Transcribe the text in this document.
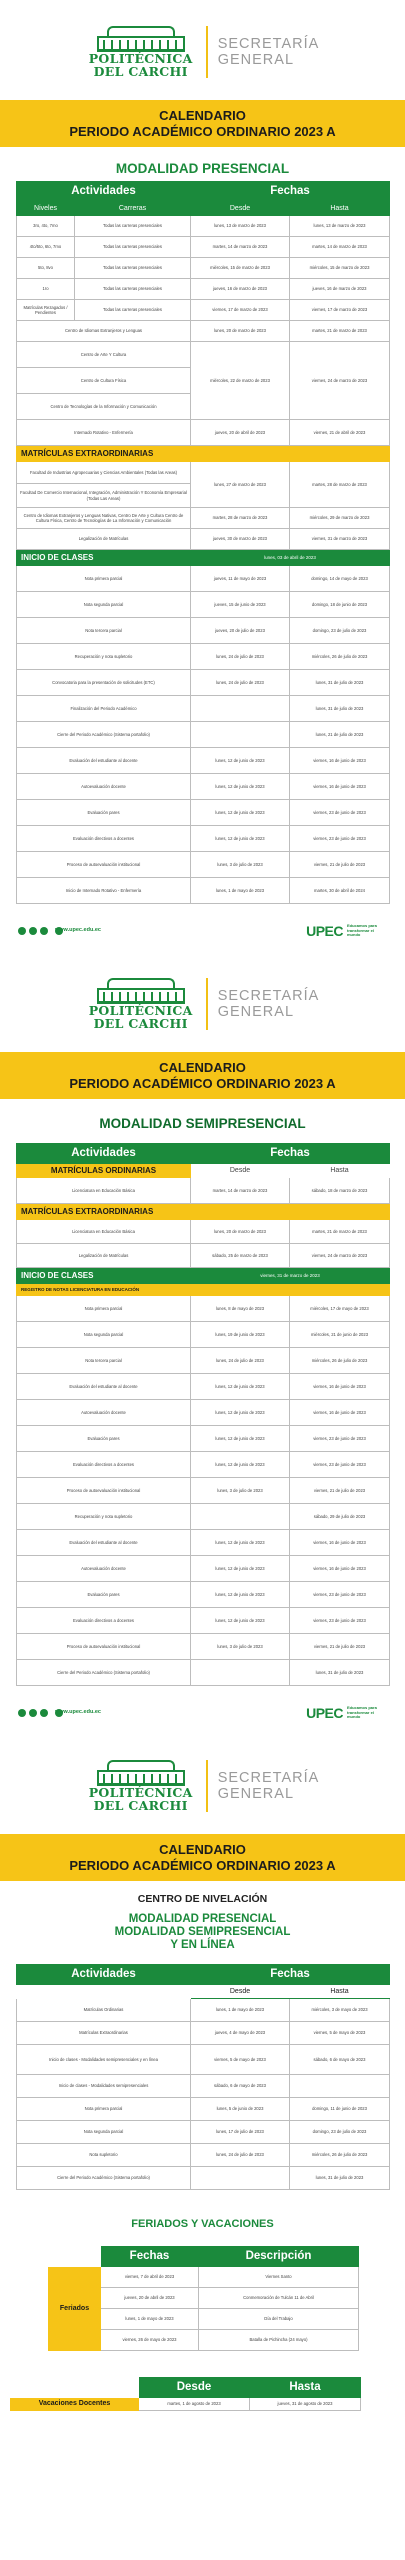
POLITÉCNICA
DEL CARCHI
SECRETARÍA
GENERAL
CALENDARIO
PERIODO ACADÉMICO ORDINARIO 2023 A
MODALIDAD PRESENCIAL
Actividades		Fechas	
Niveles	Carreras	Desde	Hasta
3ro, 4to, 7mo	Todas las carreras presenciales	lunes, 13 de marzo de 2023	lunes, 13 de marzo de 2023
4to/5to, 6to, 7mo	Todas las carreras presenciales	martes, 14 de marzo de 2023	martes, 14 de marzo de 2023
5to, 8vo	Todas las carreras presenciales	miércoles, 15 de marzo de 2023	miércoles, 15 de marzo de 2023
1ro	Todas las carreras presenciales	jueves, 16 de marzo de 2023	jueves, 16 de marzo de 2023
Matrículas Rezagados / Pendientes	Todas las carreras presenciales	viernes, 17 de marzo de 2023	viernes, 17 de marzo de 2023
Centro de Idiomas Extranjeros y Lenguas		lunes, 20 de marzo de 2023	martes, 21 de marzo de 2023
Centro de Arte Y Cultura		miércoles, 22 de marzo de 2023	viernes, 24 de marzo de 2023
Centro de Cultura Física			
Centro de Tecnologías de la Información y Comunicación			
Internado Rotativo - Enfermería		jueves, 20 de abril de 2023	viernes, 21 de abril de 2023
MATRÍCULAS EXTRAORDINARIAS			
Facultad de Industrias Agropecuarias y Ciencias Ambientales (Todas las Areas)		lunes, 27 de marzo de 2023	martes, 28 de marzo de 2023
Facultad De Comercio Internacional, Integración, Administración Y Economía Empresarial (Todas Las Areas)			
Centro de Idiomas Extranjeros y Lenguas Nativas, Centro De Arte y Cultura Centro de Cultura Física, Centro de Tecnologías de La Información y Comunicación		martes, 28 de marzo de 2023	miércoles, 29 de marzo de 2023
Legalización de Matrículas		jueves, 30 de marzo de 2023	viernes, 31 de marzo de 2023
INICIO DE CLASES		lunes, 03 de abril de 2023	
Nota primera parcial		jueves, 11 de mayo de 2023	domingo, 14 de mayo de 2023
Nota segunda parcial		jueves, 15 de junio de 2023	domingo, 18 de junio de 2023
Nota tercera parcial		jueves, 20 de julio de 2023	domingo, 23 de julio de 2023
Recuperación y nota supletorio		lunes, 24 de julio de 2023	miércoles, 26 de julio de 2023
Convocatoria para la presentación de solicitudes (ETC)		lunes, 24 de julio de 2023	lunes, 31 de julio de 2023
Finalización del Periodo Académico			lunes, 31 de julio de 2023
Cierre del Periodo Académico (Sistema portafolio)			lunes, 21 de julio de 2023
Evaluación del estudiante al docente		lunes, 12 de junio de 2023	viernes, 16 de junio de 2023
Autoevaluación docente		lunes, 12 de junio de 2023	viernes, 16 de junio de 2023
Evaluación pares		lunes, 12 de junio de 2023	viernes, 23 de junio de 2023
Evaluación directivos a docentes		lunes, 12 de junio de 2023	viernes, 23 de junio de 2023
Proceso de autoevaluación institucional		lunes, 3 de julio de 2023	viernes, 21 de julio de 2023
Inicio de Internado Rotativo - Enfermería		lunes, 1 de mayo de 2023	martes, 30 de abril de 2024
www.upec.edu.ec	UPEC Educamos para transformar el mundo
POLITÉCNICA
DEL CARCHI
SECRETARÍA
GENERAL
CALENDARIO
PERIODO ACADÉMICO ORDINARIO 2023 A
MODALIDAD SEMIPRESENCIAL
Actividades	Fechas	
MATRÍCULAS ORDINARIAS	Desde	Hasta
Licenciatura en Educación Básica	martes, 14 de marzo de 2023	sábado, 18 de marzo de 2023
MATRÍCULAS EXTRAORDINARIAS		
Licenciatura en Educación Básica	lunes, 20 de marzo de 2023	martes, 21 de marzo de 2023
Legalización de Matrículas	sábado, 25 de marzo de 2023	viernes, 24 de marzo de 2023
INICIO DE CLASES	viernes, 31 de marzo de 2023	
REGISTRO DE NOTAS LICENCIATURA EN EDUCACIÓN		
Nota primera parcial	lunes, 8 de mayo de 2023	miércoles, 17 de mayo de 2023
Nota segunda parcial	lunes, 19 de junio de 2023	miércoles, 21 de junio de 2023
Nota tercera parcial	lunes, 24 de julio de 2023	miércoles, 26 de julio de 2023
Evaluación del estudiante al docente	lunes, 12 de junio de 2023	viernes, 16 de junio de 2023
Autoevaluación docente	lunes, 12 de junio de 2023	viernes, 16 de junio de 2023
Evaluación pares	lunes, 12 de junio de 2023	viernes, 23 de junio de 2023
Evaluación directivos a docentes	lunes, 12 de junio de 2023	viernes, 23 de junio de 2023
Proceso de autoevaluación institucional	lunes, 3 de julio de 2023	viernes, 21 de julio de 2023
Recuperación y nota supletorio		sábado, 29 de julio de 2023
Evaluación del estudiante al docente	lunes, 12 de junio de 2023	viernes, 16 de junio de 2023
Autoevaluación docente	lunes, 12 de junio de 2023	viernes, 16 de junio de 2023
Evaluación pares	lunes, 12 de junio de 2023	viernes, 23 de junio de 2023
Evaluación directivos a docentes	lunes, 12 de junio de 2023	viernes, 23 de junio de 2023
Proceso de autoevaluación institucional	lunes, 3 de julio de 2023	viernes, 21 de julio de 2023
Cierre del Periodo Académico (Sistema portafolio)		lunes, 31 de julio de 2023
www.upec.edu.ec	UPEC Educamos para transformar el mundo
POLITÉCNICA
DEL CARCHI
SECRETARÍA
GENERAL
CALENDARIO
PERIODO ACADÉMICO ORDINARIO 2023 A
CENTRO DE NIVELACIÓN
MODALIDAD PRESENCIAL
MODALIDAD SEMIPRESENCIAL
Y EN LÍNEA
Actividades	Fechas	
	Desde	Hasta
Matrículas Ordinarias	lunes, 1 de mayo de 2023	miércoles, 3 de mayo de 2023
Matrículas Extraordinarias	jueves, 4 de mayo de 2023	viernes, 5 de mayo de 2023
Inicio de clases - Modalidades semipresenciales y en línea	viernes, 5 de mayo de 2023	sábado, 6 de mayo de 2023
Inicio de clases - Modalidades semipresenciales	sábado, 6 de mayo de 2023	
Nota primera parcial	lunes, 5 de junio de 2023	domingo, 11 de junio de 2023
Nota segunda parcial	lunes, 17 de julio de 2023	domingo, 23 de julio de 2023
Nota supletorio	lunes, 24 de julio de 2023	miércoles, 26 de julio de 2023
Cierre del Periodo Académico (Sistema portafolio)		lunes, 31 de julio de 2023
FERIADOS Y VACACIONES
	Fechas	Descripción
Feriados	viernes, 7 de abril de 2023	Viernes Santo
	jueves, 20 de abril de 2023	Conmemoración de Tulcán 11 de Abril
	lunes, 1 de mayo de 2023	Día del Trabajo
	viernes, 26 de mayo de 2023	Batalla de Pichincha (24 mayo)
	Desde	Hasta
Vacaciones Docentes	martes, 1 de agosto de 2023	jueves, 31 de agosto de 2023
